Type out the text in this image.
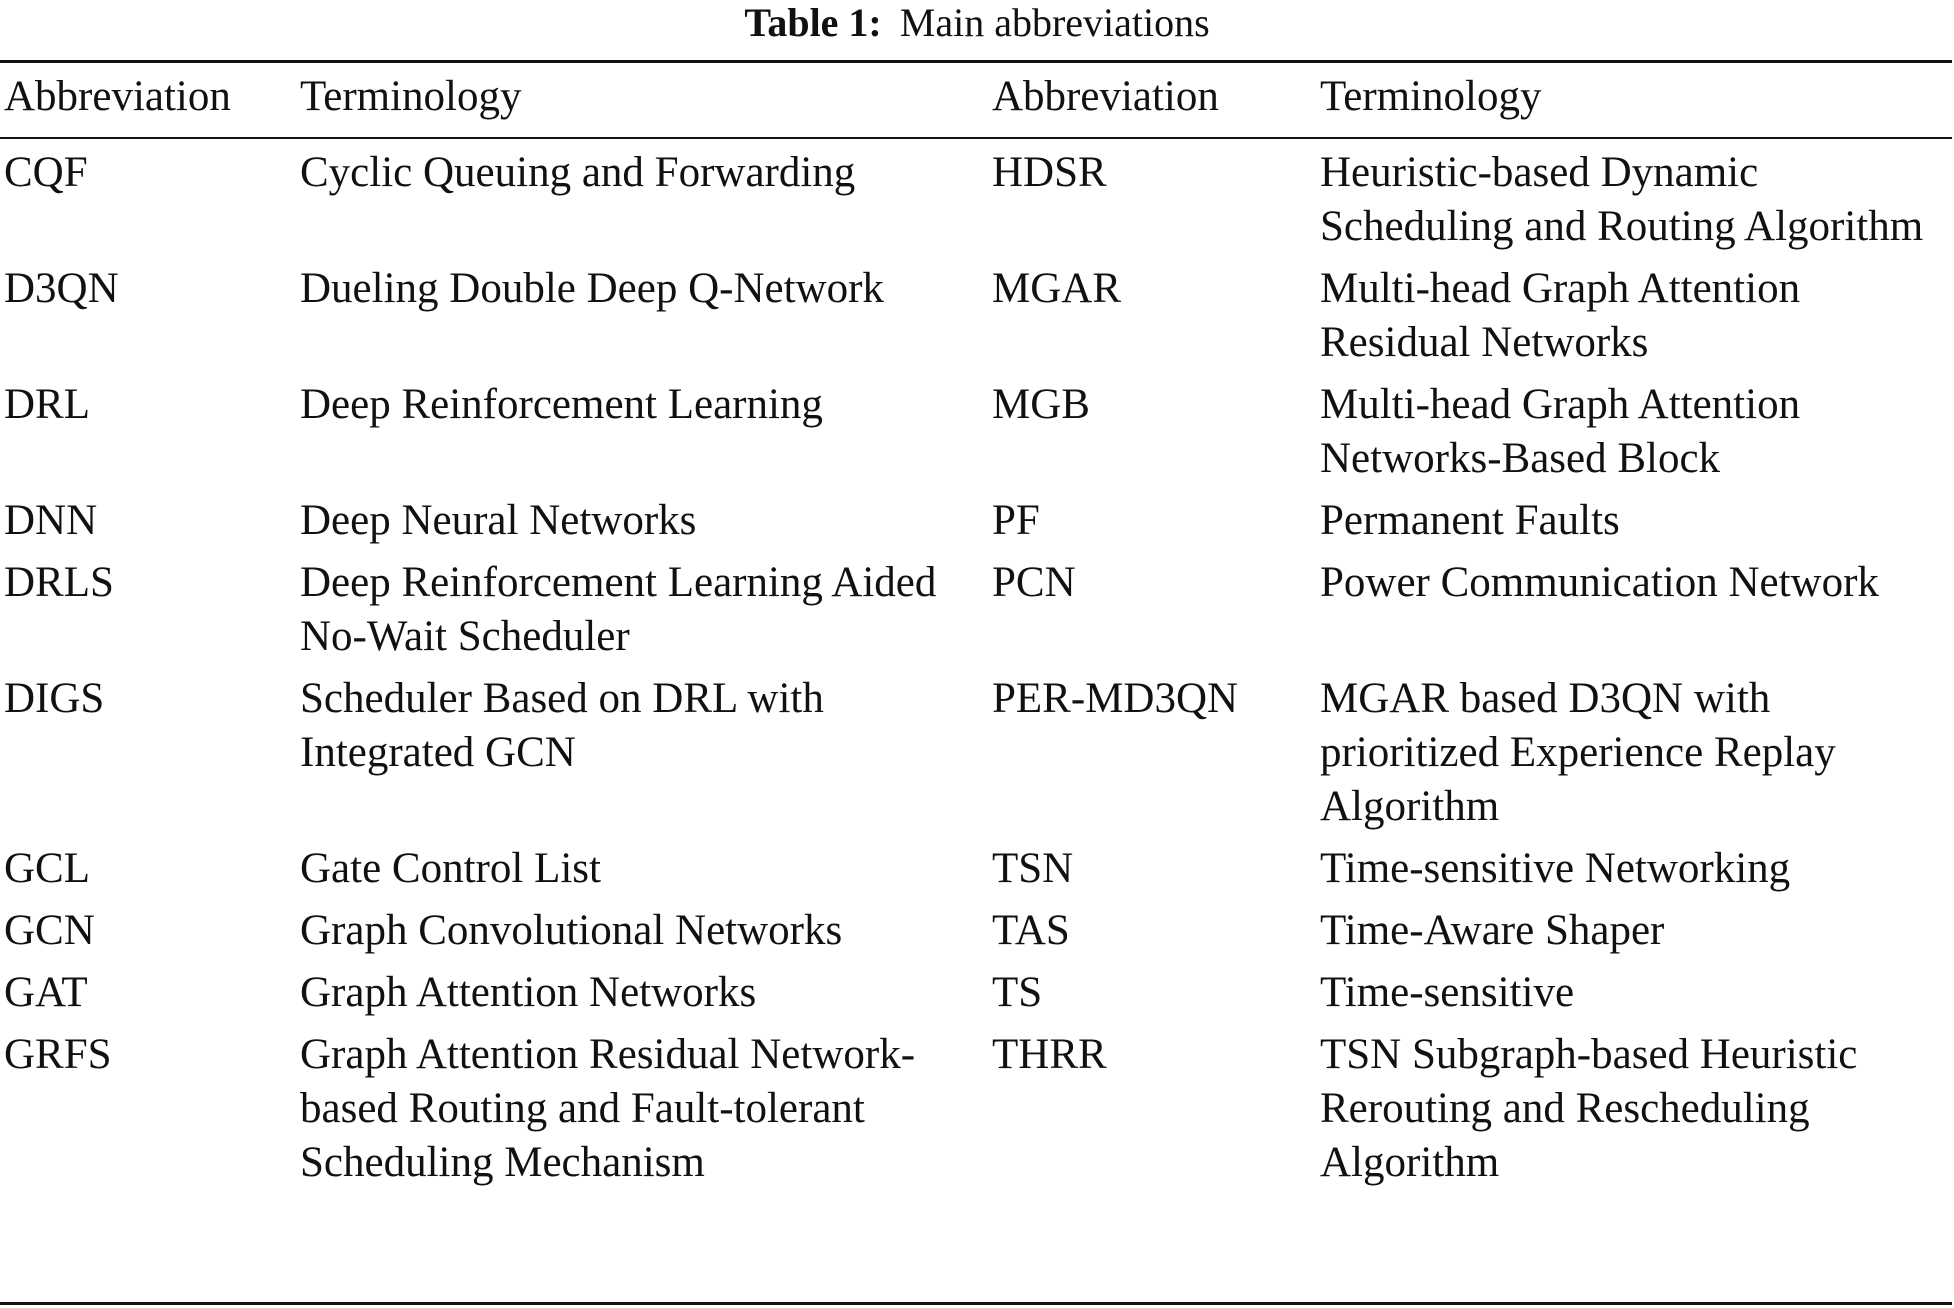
Table 1: Main abbreviations
Abbreviation	Terminology	Abbreviation	Terminology
CQF	Cyclic Queuing and Forwarding	HDSR	Heuristic-based Dynamic Scheduling and Routing Algorithm
D3QN	Dueling Double Deep Q-Network	MGAR	Multi-head Graph Attention Residual Networks
DRL	Deep Reinforcement Learning	MGB	Multi-head Graph Attention Networks-Based Block
DNN	Deep Neural Networks	PF	Permanent Faults
DRLS	Deep Reinforcement Learning Aided No-Wait Scheduler	PCN	Power Communication Network
DIGS	Scheduler Based on DRL with Integrated GCN	PER-MD3QN	MGAR based D3QN with prioritized Experience Replay Algorithm
GCL	Gate Control List	TSN	Time-sensitive Networking
GCN	Graph Convolutional Networks	TAS	Time-Aware Shaper
GAT	Graph Attention Networks	TS	Time-sensitive
GRFS	Graph Attention Residual Network-based Routing and Fault-tolerant Scheduling Mechanism	THRR	TSN Subgraph-based Heuristic Rerouting and Rescheduling Algorithm
